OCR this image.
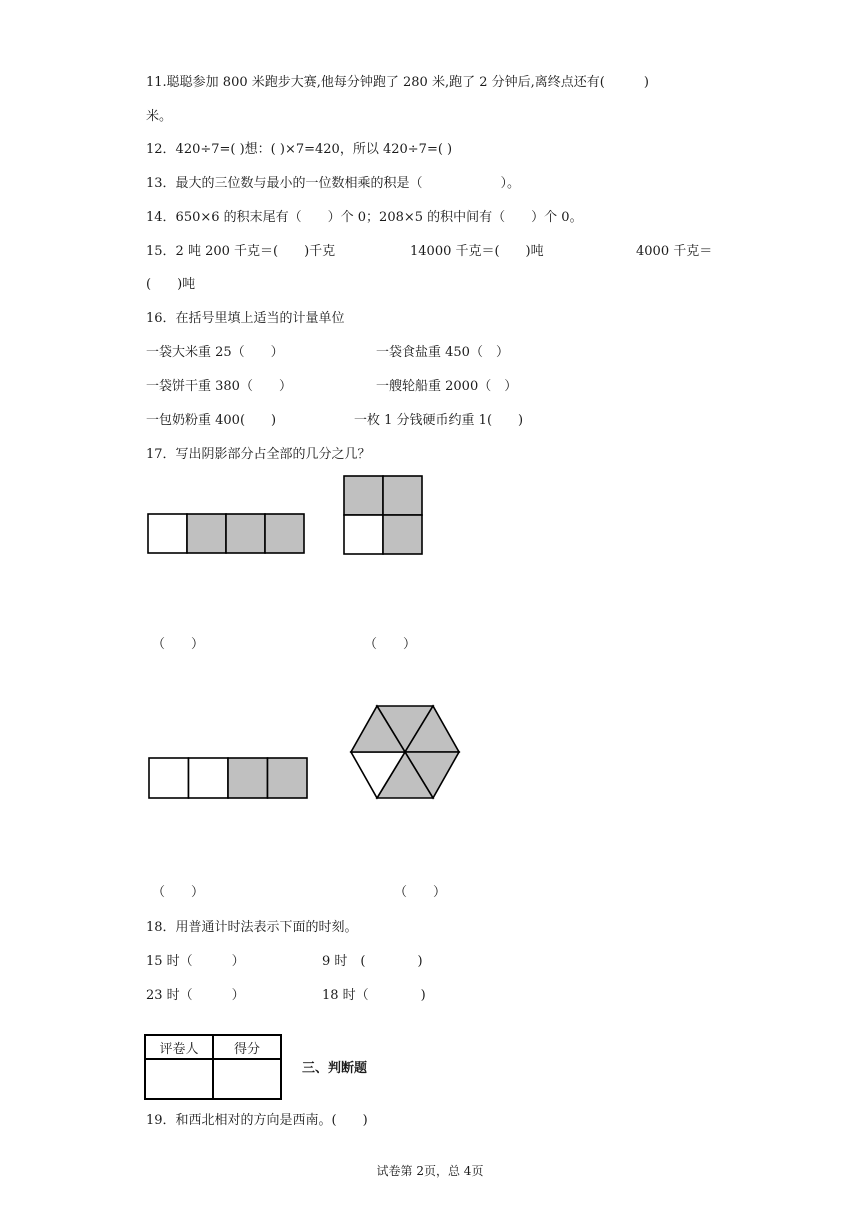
11.聪聪参加 800 米跑步大赛,他每分钟跑了 280 米,跑了 2 分钟后,离终点还有(　　　)
米。
12．420÷7=( )想：( )×7=420，所以 420÷7=( )
13．最大的三位数与最小的一位数相乘的积是（　　　　　　）。
14．650×6 的积末尾有（　　）个 0；208×5 的积中间有（　　）个 0。
15．2 吨 200 千克＝(　　)千克	14000 千克＝(　　)吨	4000 千克＝
(　　)吨
16．在括号里填上适当的计量单位
一袋大米重 25（　　）	一袋食盐重 450（　）
一袋饼干重 380（　　）	一艘轮船重 2000（　）
一包奶粉重 400(　　)	一枚 1 分钱硬币约重 1(　　)
17．写出阴影部分占全部的几分之几？
（　　）	（　　）
（　　）	（　　）
18．用普通计时法表示下面的时刻。
15 时（　　　）	9 时　(　　　　)
23 时（　　　）	18 时（　　　　)
评卷人	得分

三、判断题
19．和西北相对的方向是西南。(　　)
试卷第 2页，总 4页
